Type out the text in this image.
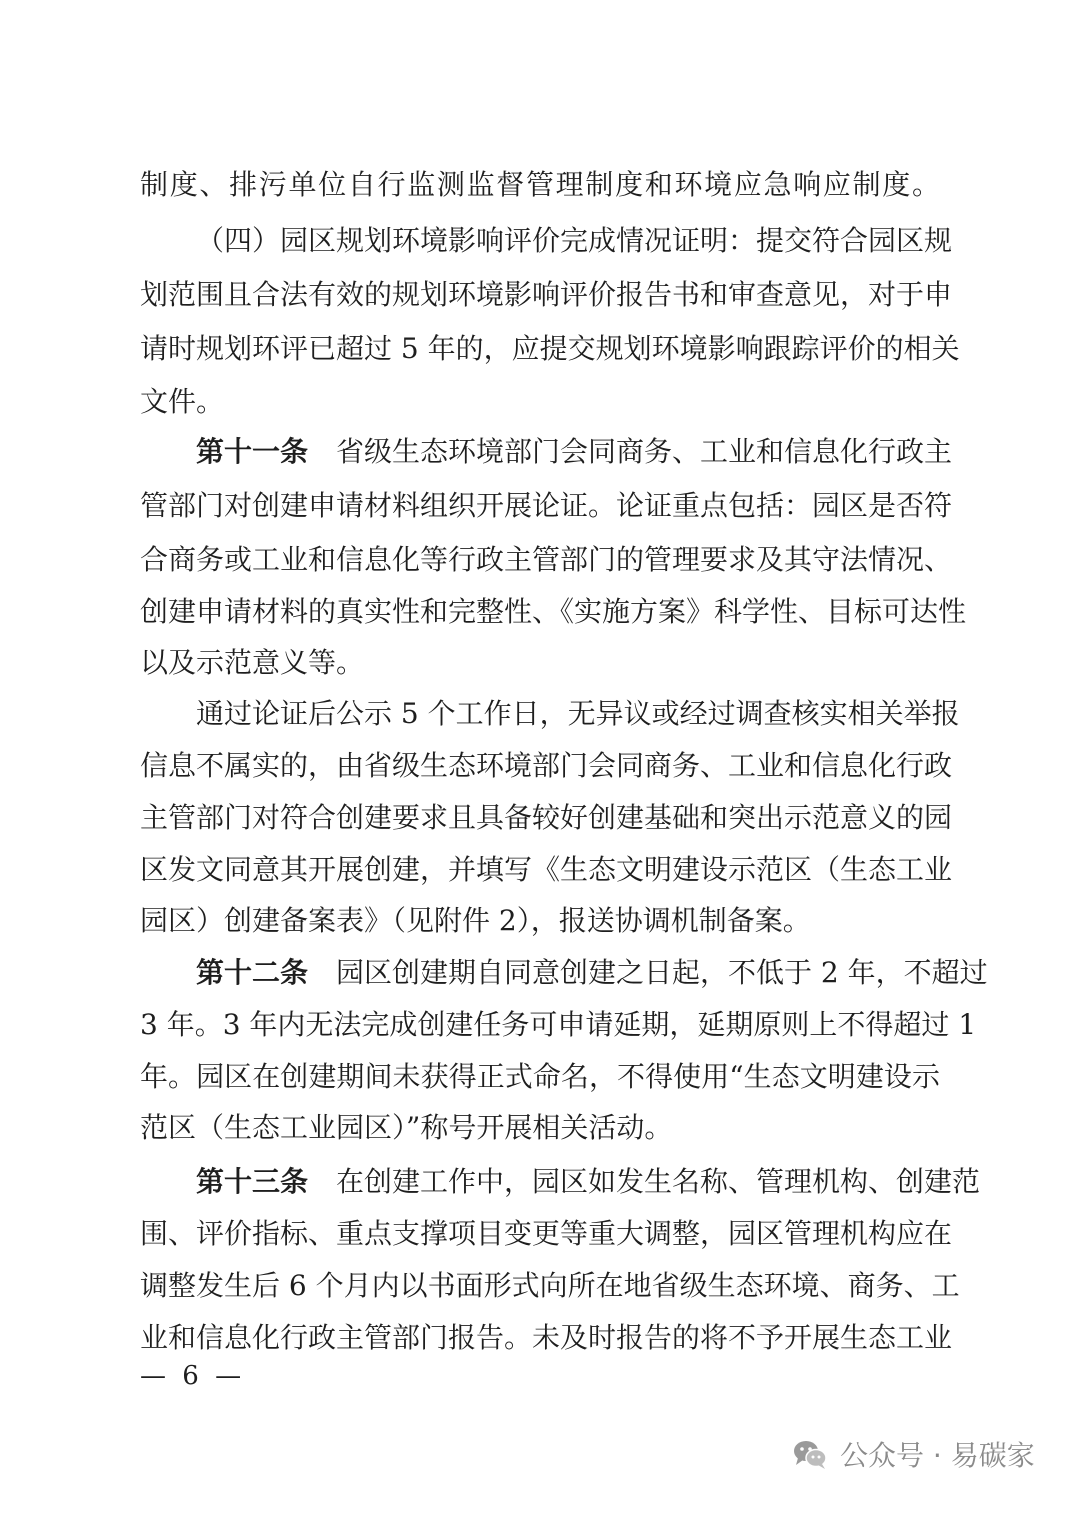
制度、排污单位自行监测监督管理制度和环境应急响应制度。
（四）园区规划环境影响评价完成情况证明：提交符合园区规
划范围且合法有效的规划环境影响评价报告书和审查意见，对于申
请时规划环评已超过 5 年的，应提交规划环境影响跟踪评价的相关
文件。
第十一条 省级生态环境部门会同商务、工业和信息化行政主
管部门对创建申请材料组织开展论证。论证重点包括：园区是否符
合商务或工业和信息化等行政主管部门的管理要求及其守法情况、
创建申请材料的真实性和完整性、《实施方案》科学性、目标可达性
以及示范意义等。
通过论证后公示 5 个工作日，无异议或经过调查核实相关举报
信息不属实的，由省级生态环境部门会同商务、工业和信息化行政
主管部门对符合创建要求且具备较好创建基础和突出示范意义的园
区发文同意其开展创建，并填写《生态文明建设示范区（生态工业
园区）创建备案表》（见附件 2），报送协调机制备案。
第十二条 园区创建期自同意创建之日起，不低于 2 年，不超过
3 年。3 年内无法完成创建任务可申请延期，延期原则上不得超过 1
年。园区在创建期间未获得正式命名，不得使用“生态文明建设示
范区（生态工业园区）”称号开展相关活动。
第十三条 在创建工作中，园区如发生名称、管理机构、创建范
围、评价指标、重点支撑项目变更等重大调整，园区管理机构应在
调整发生后 6 个月内以书面形式向所在地省级生态环境、商务、工
业和信息化行政主管部门报告。未及时报告的将不予开展生态工业
— 6 —
公众号 · 易碳家
